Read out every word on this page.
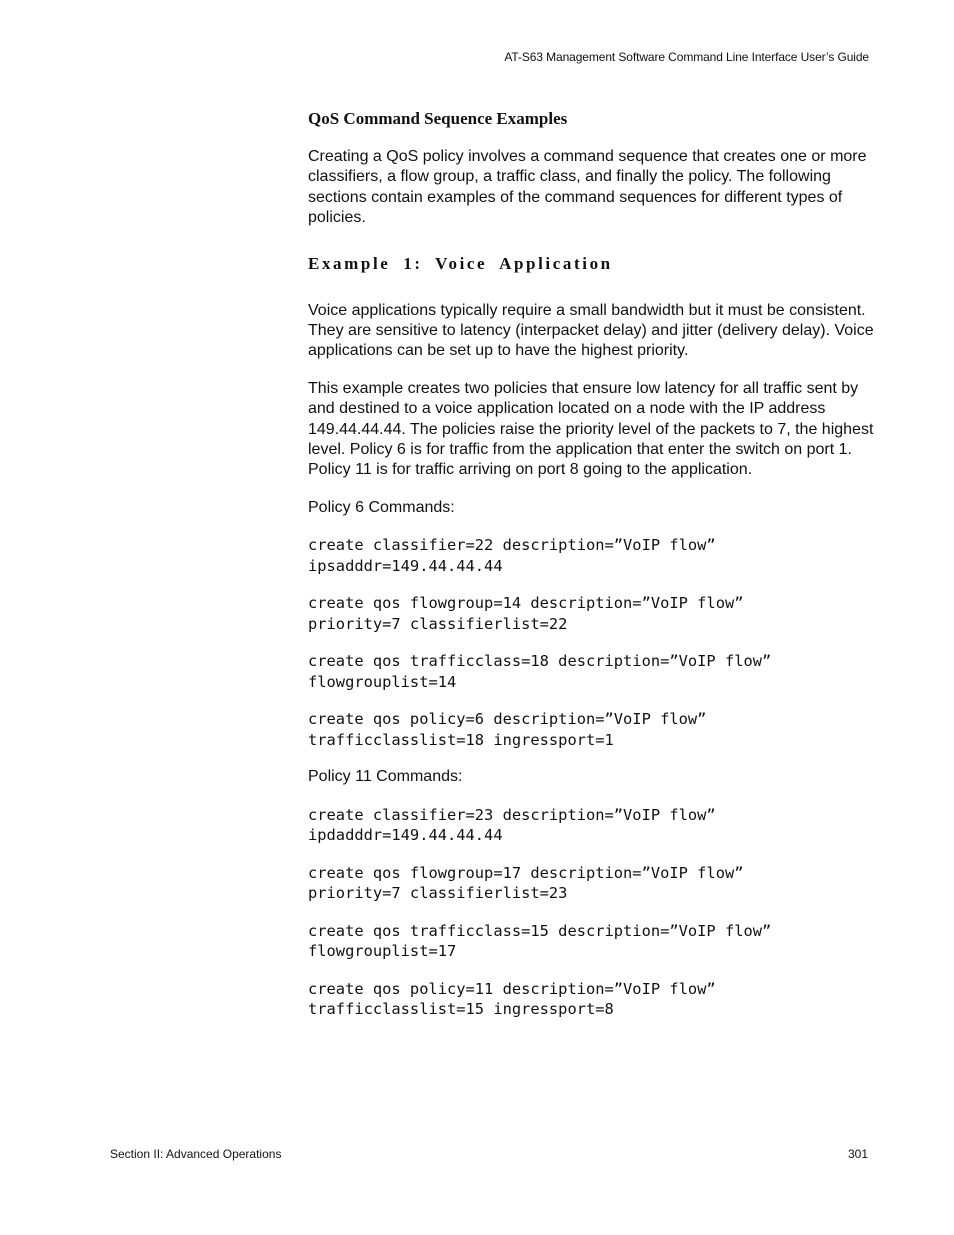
AT-S63 Management Software Command Line Interface User’s Guide
QoS Command Sequence Examples

Creating a QoS policy involves a command sequence that creates one or more classifiers, a flow group, a traffic class, and finally the policy. The following sections contain examples of the command sequences for different types of policies.

Example 1: Voice Application

Voice applications typically require a small bandwidth but it must be consistent. They are sensitive to latency (interpacket delay) and jitter (delivery delay). Voice applications can be set up to have the highest priority.

This example creates two policies that ensure low latency for all traffic sent by and destined to a voice application located on a node with the IP address 149.44.44.44. The policies raise the priority level of the packets to 7, the highest level. Policy 6 is for traffic from the application that enter the switch on port 1. Policy 11 is for traffic arriving on port 8 going to the application.

Policy 6 Commands:

create classifier=22 description=”VoIP flow”
ipsadddr=149.44.44.44
create qos flowgroup=14 description=”VoIP flow”
priority=7 classifierlist=22
create qos trafficclass=18 description=”VoIP flow”
flowgrouplist=14
create qos policy=6 description=”VoIP flow”
trafficclasslist=18 ingressport=1

Policy 11 Commands:

create classifier=23 description=”VoIP flow”
ipdadddr=149.44.44.44
create qos flowgroup=17 description=”VoIP flow”
priority=7 classifierlist=23
create qos trafficclass=15 description=”VoIP flow”
flowgrouplist=17
create qos policy=11 description=”VoIP flow”
trafficclasslist=15 ingressport=8
Section II: Advanced Operations	301
